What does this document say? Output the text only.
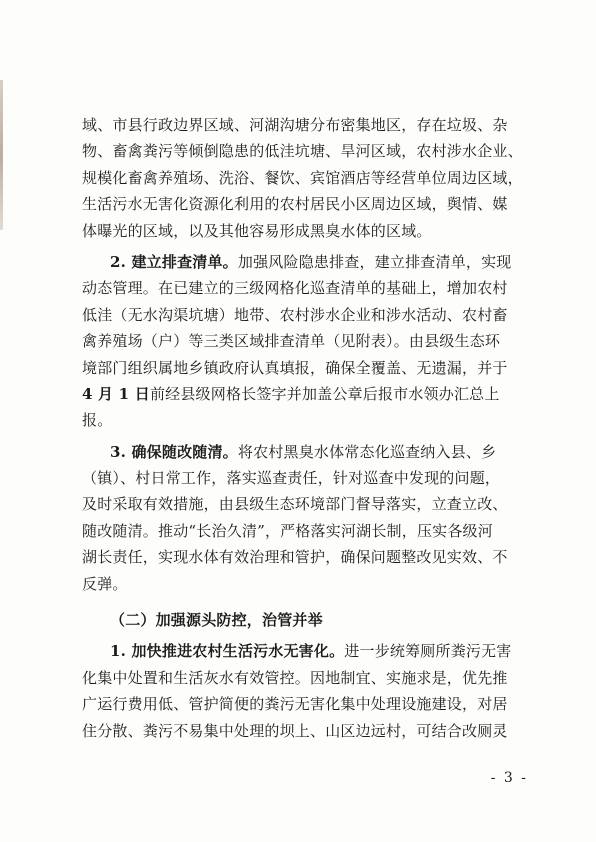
域、市县行政边界区域、河湖沟塘分布密集地区，存在垃圾、杂
物、畜禽粪污等倾倒隐患的低洼坑塘、旱河区域，农村涉水企业、
规模化畜禽养殖场、洗浴、餐饮、宾馆酒店等经营单位周边区域，
生活污水无害化资源化利用的农村居民小区周边区域，舆情、媒
体曝光的区域，以及其他容易形成黑臭水体的区域。
2. 建立排查清单。加强风险隐患排查，建立排查清单，实现
动态管理。在已建立的三级网格化巡查清单的基础上，增加农村
低洼（无水沟渠坑塘）地带、农村涉水企业和涉水活动、农村畜
禽养殖场（户）等三类区域排查清单（见附表）。由县级生态环
境部门组织属地乡镇政府认真填报，确保全覆盖、无遗漏，并于
4 月 1 日前经县级网格长签字并加盖公章后报市水领办汇总上
报。
3. 确保随改随清。将农村黑臭水体常态化巡查纳入县、乡
（镇）、村日常工作，落实巡查责任，针对巡查中发现的问题，
及时采取有效措施，由县级生态环境部门督导落实，立查立改、
随改随清。推动“长治久清”，严格落实河湖长制，压实各级河
湖长责任，实现水体有效治理和管护，确保问题整改见实效、不
反弹。
（二）加强源头防控，治管并举
1. 加快推进农村生活污水无害化。进一步统筹厕所粪污无害
化集中处置和生活灰水有效管控。因地制宜、实施求是，优先推
广运行费用低、管护简便的粪污无害化集中处理设施建设，对居
住分散、粪污不易集中处理的坝上、山区边远村，可结合改厕灵
- 3 -
